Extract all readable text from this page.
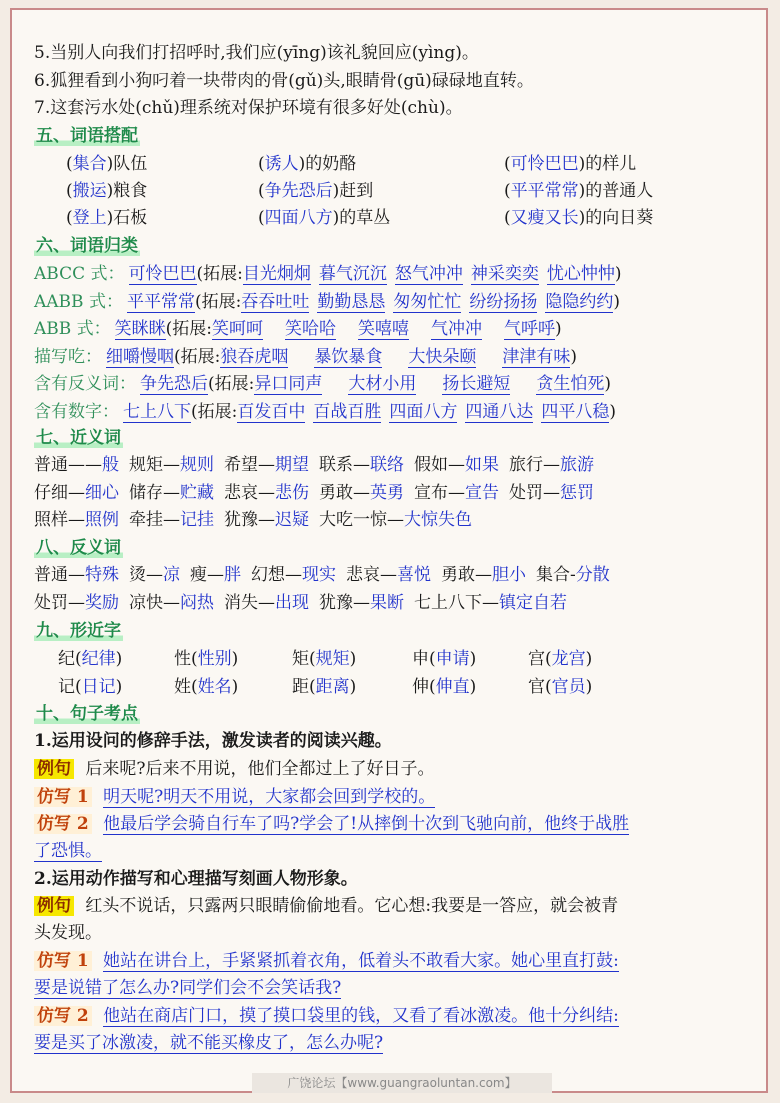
5.当别人向我们打招呼时,我们应(yīng)该礼貌回应(yìng)。
6.狐狸看到小狗叼着一块带肉的骨(gǔ)头,眼睛骨(gū)碌碌地直转。
7.这套污水处(chǔ)理系统对保护环境有很多好处(chù)。
五、词语搭配
(集合)队伍	(诱人)的奶酪	(可怜巴巴)的样儿
(搬运)粮食	(争先恐后)赶到	(平平常常)的普通人
(登上)石板	(四面八方)的草丛	(又瘦又长)的向日葵
六、词语归类
ABCC 式： 可怜巴巴(拓展:目光炯炯 暮气沉沉 怒气冲冲 神采奕奕 忧心忡忡)
AABB 式： 平平常常(拓展:吞吞吐吐 勤勤恳恳 匆匆忙忙 纷纷扬扬 隐隐约约)
ABB 式： 笑眯眯(拓展:笑呵呵 笑哈哈 笑嘻嘻 气冲冲 气呼呼)
描写吃： 细嚼慢咽(拓展:狼吞虎咽 暴饮暴食 大快朵颐 津津有味)
含有反义词： 争先恐后(拓展:异口同声 大材小用 扬长避短 贪生怕死)
含有数字： 七上八下(拓展:百发百中 百战百胜 四面八方 四通八达 四平八稳)
七、近义词
普通——般 规矩—规则 希望—期望 联系—联络 假如—如果 旅行—旅游
仔细—细心 储存—贮藏 悲哀—悲伤 勇敢—英勇 宣布—宣告 处罚—惩罚
照样—照例 牵挂—记挂 犹豫—迟疑 大吃一惊—大惊失色
八、反义词
普通—特殊 烫—凉 瘦—胖 幻想—现实 悲哀—喜悦 勇敢—胆小 集合-分散
处罚—奖励 凉快—闷热 消失—出现 犹豫—果断 七上八下—镇定自若
九、形近字
纪(纪律)	性(性别)	矩(规矩)	申(申请)	宫(龙宫)
记(日记)	姓(姓名)	距(距离)	伸(伸直)	官(官员)
十、句子考点
1.运用设问的修辞手法，激发读者的阅读兴趣。
例句 后来呢?后来不用说，他们全都过上了好日子。
仿写 1 明天呢?明天不用说，大家都会回到学校的。
仿写 2 他最后学会骑自行车了吗?学会了!从摔倒十次到飞驰向前，他终于战胜
了恐惧。
2.运用动作描写和心理描写刻画人物形象。
例句 红头不说话，只露两只眼睛偷偷地看。它心想:我要是一答应，就会被青
头发现。
仿写 1 她站在讲台上，手紧紧抓着衣角，低着头不敢看大家。她心里直打鼓:
要是说错了怎么办?同学们会不会笑话我?
仿写 2 他站在商店门口，摸了摸口袋里的钱，又看了看冰激凌。他十分纠结:
要是买了冰激凌，就不能买橡皮了，怎么办呢?
广饶论坛【www.guangraoluntan.com】
